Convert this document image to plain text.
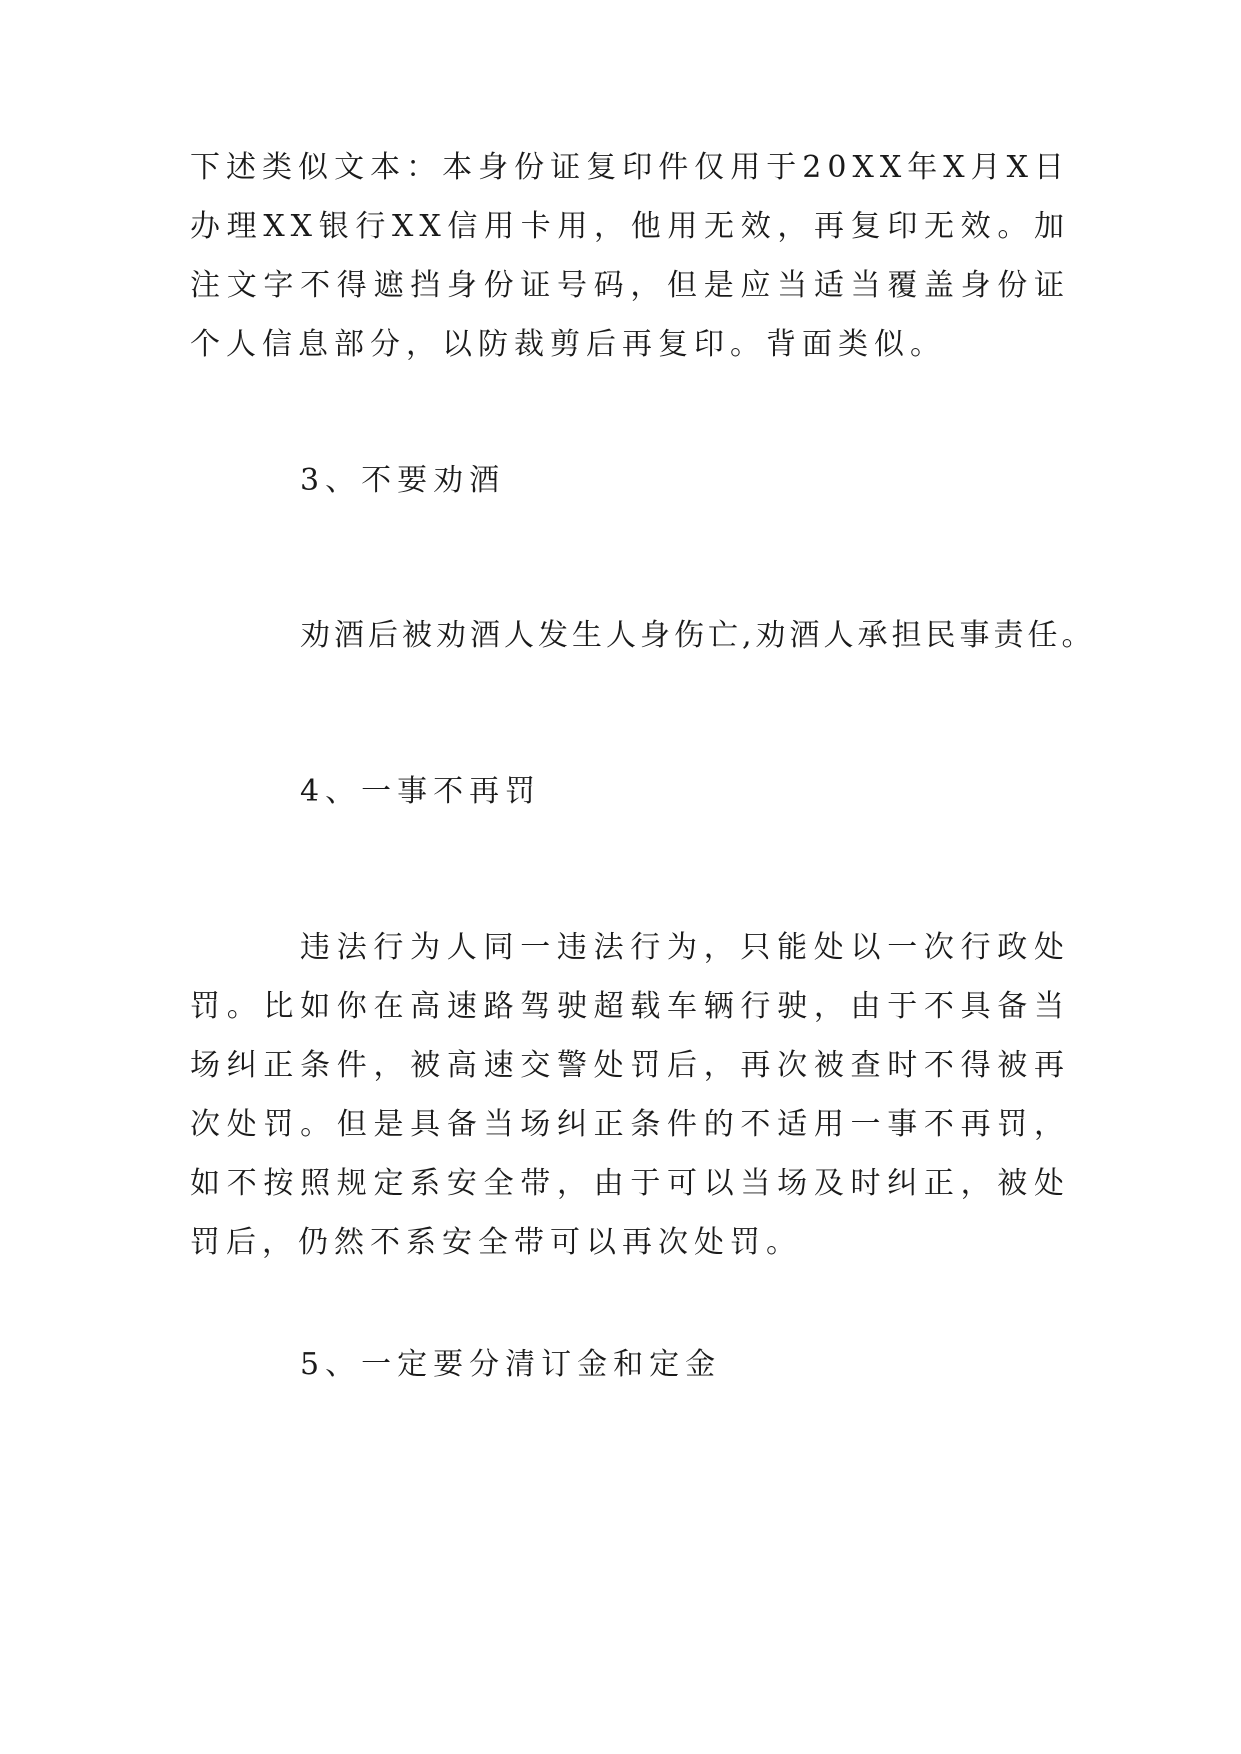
下述类似文本：本身份证复印件仅用于20XX年X月X日办理XX银行XX信用卡用，他用无效，再复印无效。加注文字不得遮挡身份证号码，但是应当适当覆盖身份证个人信息部分，以防裁剪后再复印。背面类似。

3、不要劝酒

劝酒后被劝酒人发生人身伤亡,劝酒人承担民事责任。

4、一事不再罚

违法行为人同一违法行为，只能处以一次行政处罚。比如你在高速路驾驶超载车辆行驶，由于不具备当场纠正条件，被高速交警处罚后，再次被查时不得被再次处罚。但是具备当场纠正条件的不适用一事不再罚，如不按照规定系安全带，由于可以当场及时纠正，被处罚后，仍然不系安全带可以再次处罚。

5、一定要分清订金和定金
